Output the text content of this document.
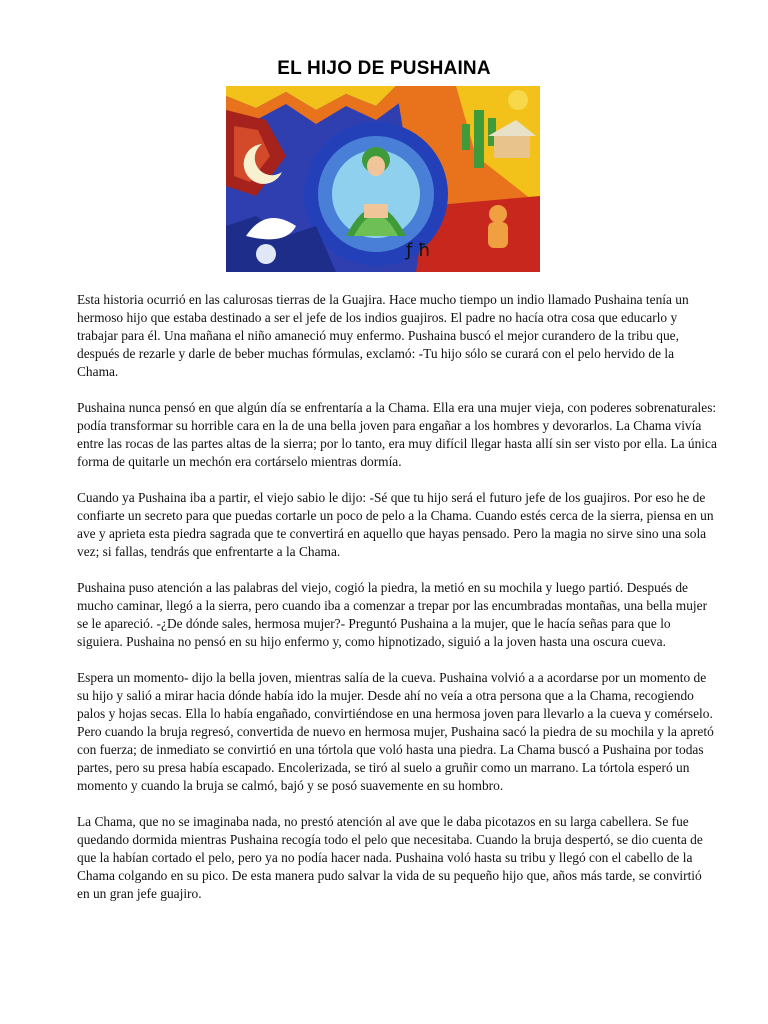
EL HIJO DE PUSHAINA
ƒ ħ

Esta historia ocurrió en las calurosas tierras de la Guajira. Hace mucho tiempo un indio llamado Pushaina tenía un hermoso hijo que estaba destinado a ser el jefe de los indios guajiros. El padre no hacía otra cosa que educarlo y trabajar para él. Una mañana el niño amaneció muy enfermo. Pushaina buscó el mejor curandero de la tribu que, después de rezarle y darle de beber muchas fórmulas, exclamó: -Tu hijo sólo se curará con el pelo hervido de la Chama.

Pushaina nunca pensó en que algún día se enfrentaría a la Chama. Ella era una mujer vieja, con poderes sobrenaturales: podía transformar su horrible cara en la de una bella joven para engañar a los hombres y devorarlos. La Chama vivía entre las rocas de las partes altas de la sierra; por lo tanto, era muy difícil llegar hasta allí sin ser visto por ella. La única forma de quitarle un mechón era cortárselo mientras dormía.

Cuando ya Pushaina iba a partir, el viejo sabio le dijo: -Sé que tu hijo será el futuro jefe de los guajiros. Por eso he de confiarte un secreto para que puedas cortarle un poco de pelo a la Chama. Cuando estés cerca de la sierra, piensa en un ave y aprieta esta piedra sagrada que te convertirá en aquello que hayas pensado. Pero la magia no sirve sino una sola vez; si fallas, tendrás que enfrentarte a la Chama.

Pushaina puso atención a las palabras del viejo, cogió la piedra, la metió en su mochila y luego partió. Después de mucho caminar, llegó a la sierra, pero cuando iba a comenzar a trepar por las encumbradas montañas, una bella mujer se le apareció. -¿De dónde sales, hermosa mujer?- Preguntó Pushaina a la mujer, que le hacía señas para que lo siguiera. Pushaina no pensó en su hijo enfermo y, como hipnotizado, siguió a la joven hasta una oscura cueva.

Espera un momento- dijo la bella joven, mientras salía de la cueva. Pushaina volvió a a acordarse por un momento de su hijo y salió a mirar hacia dónde había ido la mujer. Desde ahí no veía a otra persona que a la Chama, recogiendo palos y hojas secas. Ella lo había engañado, convirtiéndose en una hermosa joven para llevarlo a la cueva y comérselo. Pero cuando la bruja regresó, convertida de nuevo en hermosa mujer, Pushaina sacó la piedra de su mochila y la apretó con fuerza; de inmediato se convirtió en una tórtola que voló hasta una piedra. La Chama buscó a Pushaina por todas partes, pero su presa había escapado. Encolerizada, se tiró al suelo a gruñir como un marrano. La tórtola esperó un momento y cuando la bruja se calmó, bajó y se posó suavemente en su hombro.

La Chama, que no se imaginaba nada, no prestó atención al ave que le daba picotazos en su larga cabellera. Se fue quedando dormida mientras Pushaina recogía todo el pelo que necesitaba. Cuando la bruja despertó, se dio cuenta de que la habían cortado el pelo, pero ya no podía hacer nada. Pushaina voló hasta su tribu y llegó con el cabello de la Chama colgando en su pico. De esta manera pudo salvar la vida de su pequeño hijo que, años más tarde, se convirtió en un gran jefe guajiro.
